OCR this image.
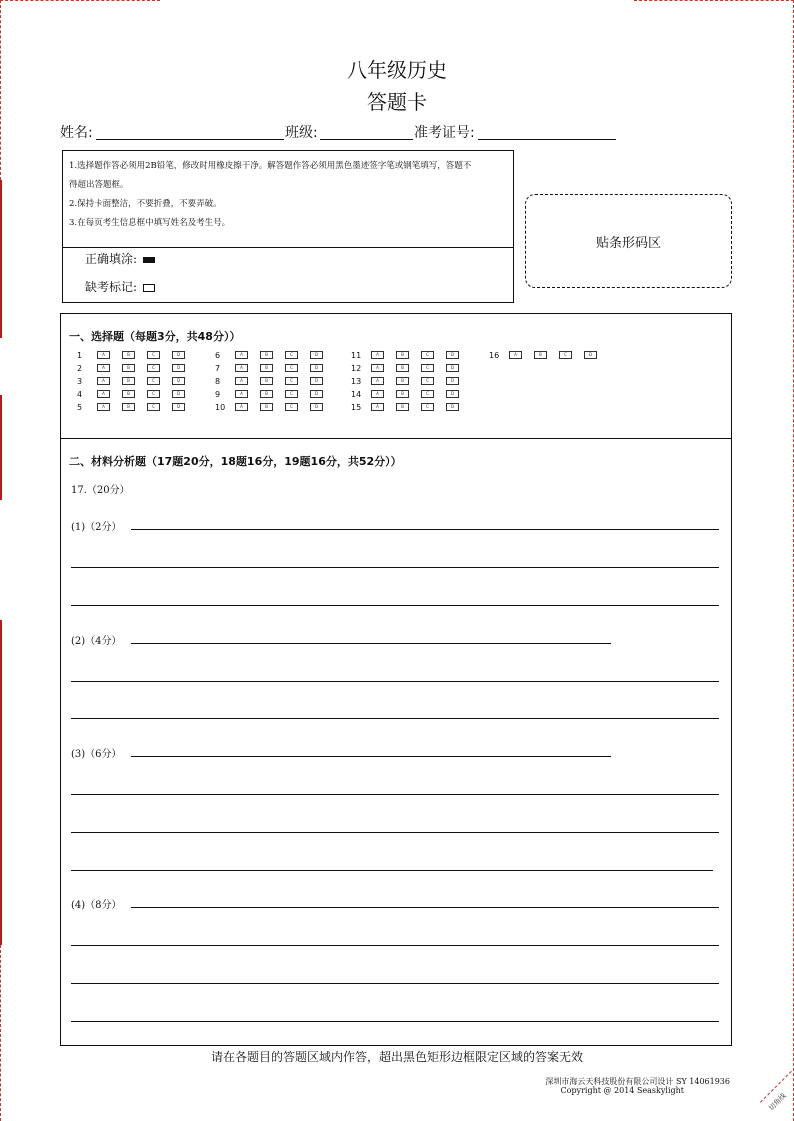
八年级历史
答题卡
姓名:	班级:	准考证号:
1.选择题作答必须用2B铅笔，修改时用橡皮擦干净。解答题作答必须用黑色墨迹签字笔或钢笔填写，答题不
得超出答题框。
2.保持卡面整洁，不要折叠，不要弄破。
3.在每页考生信息框中填写姓名及考生号。
正确填涂:
缺考标记:
贴条形码区
一、选择题（每题3分，共48分））
1	A	B	C	D
2	A	B	C	D
3	A	B	C	D
4	A	B	C	D
5	A	B	C	D
6	A	B	C	D
7	A	B	C	D
8	A	B	C	D
9	A	B	C	D
10	A	B	C	D
11	A	B	C	D
12	A	B	C	D
13	A	B	C	D
14	A	B	C	D
15	A	B	C	D
16	A	B	C	D
二、材料分析题（17题20分，18题16分，19题16分，共52分））
17.（20分）
(1)（2分）
(2)（4分）
(3)（6分）
(4)（8分）
请在各题目的答题区域内作答，超出黑色矩形边框限定区域的答案无效
深圳市海云天科技股份有限公司设计 SY 14061936
Copyright @ 2014 Seaskylight
切角线
